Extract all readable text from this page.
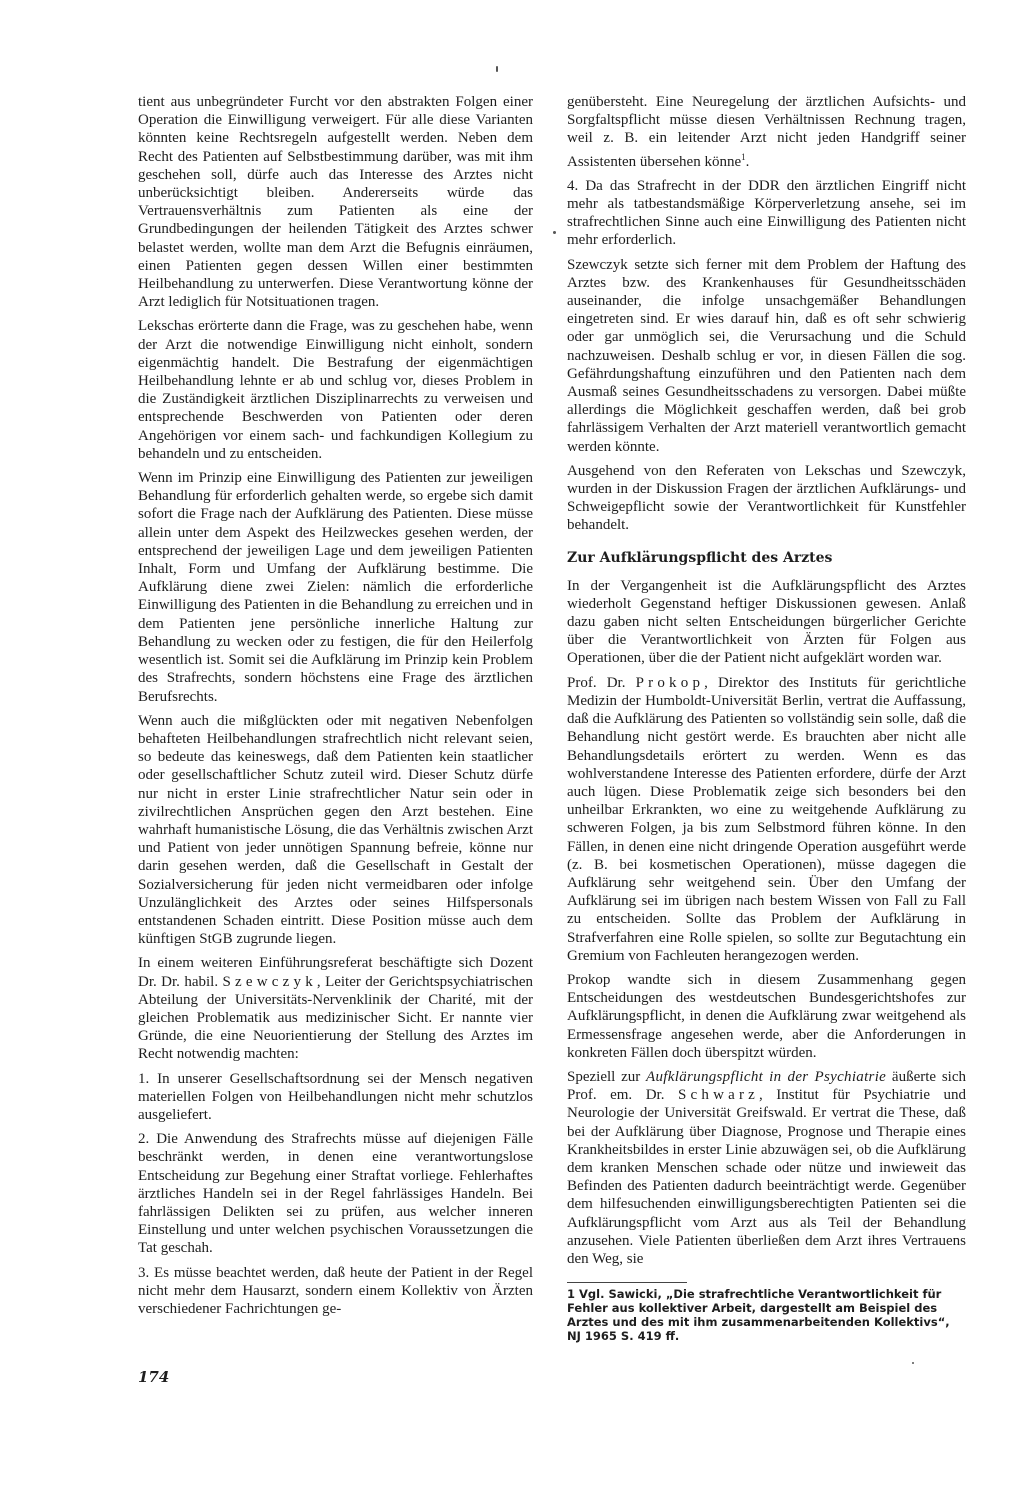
tient aus unbegründeter Furcht vor den abstrakten Folgen einer Operation die Einwilligung verweigert. Für alle diese Varianten könnten keine Rechtsregeln aufgestellt werden. Neben dem Recht des Patienten auf Selbstbestimmung darüber, was mit ihm geschehen soll, dürfe auch das Interesse des Arztes nicht unberücksichtigt bleiben. Andererseits würde das Vertrauensverhältnis zum Patienten als eine der Grundbedingungen der heilenden Tätigkeit des Arztes schwer belastet werden, wollte man dem Arzt die Befugnis einräumen, einen Patienten gegen dessen Willen einer bestimmten Heilbehandlung zu unterwerfen. Diese Verantwortung könne der Arzt lediglich für Notsituationen tragen.

Lekschas erörterte dann die Frage, was zu geschehen habe, wenn der Arzt die notwendige Einwilligung nicht einholt, sondern eigenmächtig handelt. Die Bestrafung der eigenmächtigen Heilbehandlung lehnte er ab und schlug vor, dieses Problem in die Zuständigkeit ärztlichen Disziplinarrechts zu verweisen und entsprechende Beschwerden von Patienten oder deren Angehörigen vor einem sach- und fachkundigen Kollegium zu behandeln und zu entscheiden.

Wenn im Prinzip eine Einwilligung des Patienten zur jeweiligen Behandlung für erforderlich gehalten werde, so ergebe sich damit sofort die Frage nach der Aufklärung des Patienten. Diese müsse allein unter dem Aspekt des Heilzweckes gesehen werden, der entsprechend der jeweiligen Lage und dem jeweiligen Patienten Inhalt, Form und Umfang der Aufklärung bestimme. Die Aufklärung diene zwei Zielen: nämlich die erforderliche Einwilligung des Patienten in die Behandlung zu erreichen und in dem Patienten jene persönliche innerliche Haltung zur Behandlung zu wecken oder zu festigen, die für den Heilerfolg wesentlich ist. Somit sei die Aufklärung im Prinzip kein Problem des Strafrechts, sondern höchstens eine Frage des ärztlichen Berufsrechts.

Wenn auch die mißglückten oder mit negativen Nebenfolgen behafteten Heilbehandlungen strafrechtlich nicht relevant seien, so bedeute das keineswegs, daß dem Patienten kein staatlicher oder gesellschaftlicher Schutz zuteil wird. Dieser Schutz dürfe nur nicht in erster Linie strafrechtlicher Natur sein oder in zivilrechtlichen Ansprüchen gegen den Arzt bestehen. Eine wahrhaft humanistische Lösung, die das Verhältnis zwischen Arzt und Patient von jeder unnötigen Spannung befreie, könne nur darin gesehen werden, daß die Gesellschaft in Gestalt der Sozialversicherung für jeden nicht vermeidbaren oder infolge Unzulänglichkeit des Arztes oder seines Hilfspersonals entstandenen Schaden eintritt. Diese Position müsse auch dem künftigen StGB zugrunde liegen.

In einem weiteren Einführungsreferat beschäftigte sich Dozent Dr. Dr. habil. Szewczyk, Leiter der Gerichtspsychiatrischen Abteilung der Universitäts-Nervenklinik der Charité, mit der gleichen Problematik aus medizinischer Sicht. Er nannte vier Gründe, die eine Neuorientierung der Stellung des Arztes im Recht notwendig machten:

1. In unserer Gesellschaftsordnung sei der Mensch negativen materiellen Folgen von Heilbehandlungen nicht mehr schutzlos ausgeliefert.

2. Die Anwendung des Strafrechts müsse auf diejenigen Fälle beschränkt werden, in denen eine verantwortungslose Entscheidung zur Begehung einer Straftat vorliege. Fehlerhaftes ärztliches Handeln sei in der Regel fahrlässiges Handeln. Bei fahrlässigen Delikten sei zu prüfen, aus welcher inneren Einstellung und unter welchen psychischen Voraussetzungen die Tat geschah.

3. Es müsse beachtet werden, daß heute der Patient in der Regel nicht mehr dem Hausarzt, sondern einem Kollektiv von Ärzten verschiedener Fachrichtungen ge-

genübersteht. Eine Neuregelung der ärztlichen Aufsichts- und Sorgfaltspflicht müsse diesen Verhältnissen Rechnung tragen, weil z. B. ein leitender Arzt nicht jeden Handgriff seiner Assistenten übersehen könne$^1$.

4. Da das Strafrecht in der DDR den ärztlichen Eingriff nicht mehr als tatbestandsmäßige Körperverletzung ansehe, sei im strafrechtlichen Sinne auch eine Einwilligung des Patienten nicht mehr erforderlich.

Szewczyk setzte sich ferner mit dem Problem der Haftung des Arztes bzw. des Krankenhauses für Gesundheitsschäden auseinander, die infolge unsachgemäßer Behandlungen eingetreten sind. Er wies darauf hin, daß es oft sehr schwierig oder gar unmöglich sei, die Verursachung und die Schuld nachzuweisen. Deshalb schlug er vor, in diesen Fällen die sog. Gefährdungshaftung einzuführen und den Patienten nach dem Ausmaß seines Gesundheitsschadens zu versorgen. Dabei müßte allerdings die Möglichkeit geschaffen werden, daß bei grob fahrlässigem Verhalten der Arzt materiell verantwortlich gemacht werden könnte.

Ausgehend von den Referaten von Lekschas und Szewczyk, wurden in der Diskussion Fragen der ärztlichen Aufklärungs- und Schweigepflicht sowie der Verantwortlichkeit für Kunstfehler behandelt.

Zur Aufklärungspflicht des Arztes

In der Vergangenheit ist die Aufklärungspflicht des Arztes wiederholt Gegenstand heftiger Diskussionen gewesen. Anlaß dazu gaben nicht selten Entscheidungen bürgerlicher Gerichte über die Verantwortlichkeit von Ärzten für Folgen aus Operationen, über die der Patient nicht aufgeklärt worden war.

Prof. Dr. Prokop, Direktor des Instituts für gerichtliche Medizin der Humboldt-Universität Berlin, vertrat die Auffassung, daß die Aufklärung des Patienten so vollständig sein solle, daß die Behandlung nicht gestört werde. Es brauchten aber nicht alle Behandlungsdetails erörtert zu werden. Wenn es das wohlverstandene Interesse des Patienten erfordere, dürfe der Arzt auch lügen. Diese Problematik zeige sich besonders bei den unheilbar Erkrankten, wo eine zu weitgehende Aufklärung zu schweren Folgen, ja bis zum Selbstmord führen könne. In den Fällen, in denen eine nicht dringende Operation ausgeführt werde (z. B. bei kosmetischen Operationen), müsse dagegen die Aufklärung sehr weitgehend sein. Über den Umfang der Aufklärung sei im übrigen nach bestem Wissen von Fall zu Fall zu entscheiden. Sollte das Problem der Aufklärung in Strafverfahren eine Rolle spielen, so sollte zur Begutachtung ein Gremium von Fachleuten herangezogen werden.

Prokop wandte sich in diesem Zusammenhang gegen Entscheidungen des westdeutschen Bundesgerichtshofes zur Aufklärungspflicht, in denen die Aufklärung zwar weitgehend als Ermessensfrage angesehen werde, aber die Anforderungen in konkreten Fällen doch überspitzt würden.

Speziell zur Aufklärungspflicht in der Psychiatrie äußerte sich Prof. em. Dr. Schwarz, Institut für Psychiatrie und Neurologie der Universität Greifswald. Er vertrat die These, daß bei der Aufklärung über Diagnose, Prognose und Therapie eines Krankheitsbildes in erster Linie abzuwägen sei, ob die Aufklärung dem kranken Menschen schade oder nütze und inwieweit das Befinden des Patienten dadurch beeinträchtigt werde. Gegenüber dem hilfesuchenden einwilligungsberechtigten Patienten sei die Aufklärungspflicht vom Arzt aus als Teil der Behandlung anzusehen. Viele Patienten überließen dem Arzt ihres Vertrauens den Weg, sie

1 Vgl. Sawicki, „Die strafrechtliche Verantwortlichkeit für Fehler aus kollektiver Arbeit, dargestellt am Beispiel des Arztes und des mit ihm zusammenarbeitenden Kollektivs“, NJ 1965 S. 419 ff.

174
